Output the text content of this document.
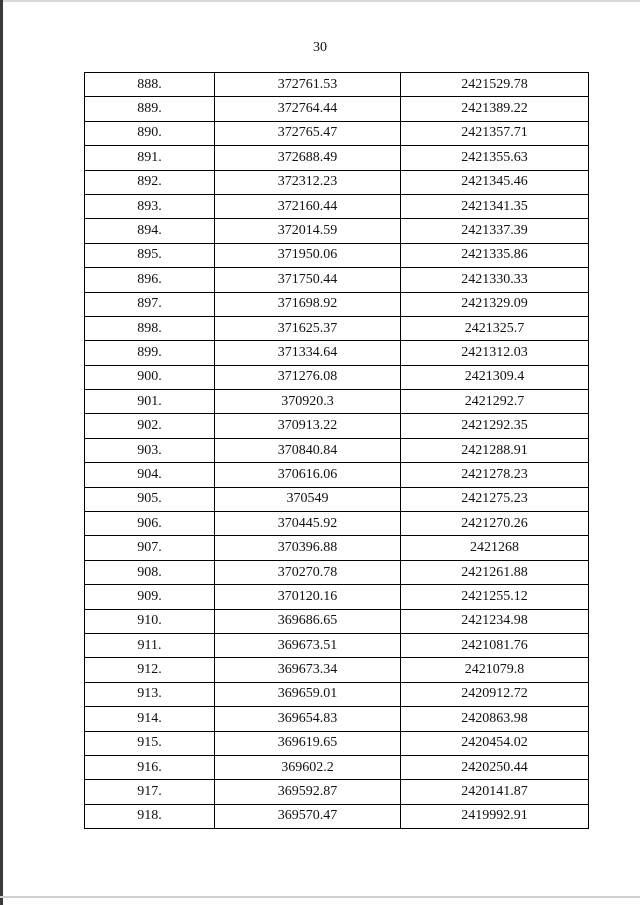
30
888.	372761.53	2421529.78
889.	372764.44	2421389.22
890.	372765.47	2421357.71
891.	372688.49	2421355.63
892.	372312.23	2421345.46
893.	372160.44	2421341.35
894.	372014.59	2421337.39
895.	371950.06	2421335.86
896.	371750.44	2421330.33
897.	371698.92	2421329.09
898.	371625.37	2421325.7
899.	371334.64	2421312.03
900.	371276.08	2421309.4
901.	370920.3	2421292.7
902.	370913.22	2421292.35
903.	370840.84	2421288.91
904.	370616.06	2421278.23
905.	370549	2421275.23
906.	370445.92	2421270.26
907.	370396.88	2421268
908.	370270.78	2421261.88
909.	370120.16	2421255.12
910.	369686.65	2421234.98
911.	369673.51	2421081.76
912.	369673.34	2421079.8
913.	369659.01	2420912.72
914.	369654.83	2420863.98
915.	369619.65	2420454.02
916.	369602.2	2420250.44
917.	369592.87	2420141.87
918.	369570.47	2419992.91
